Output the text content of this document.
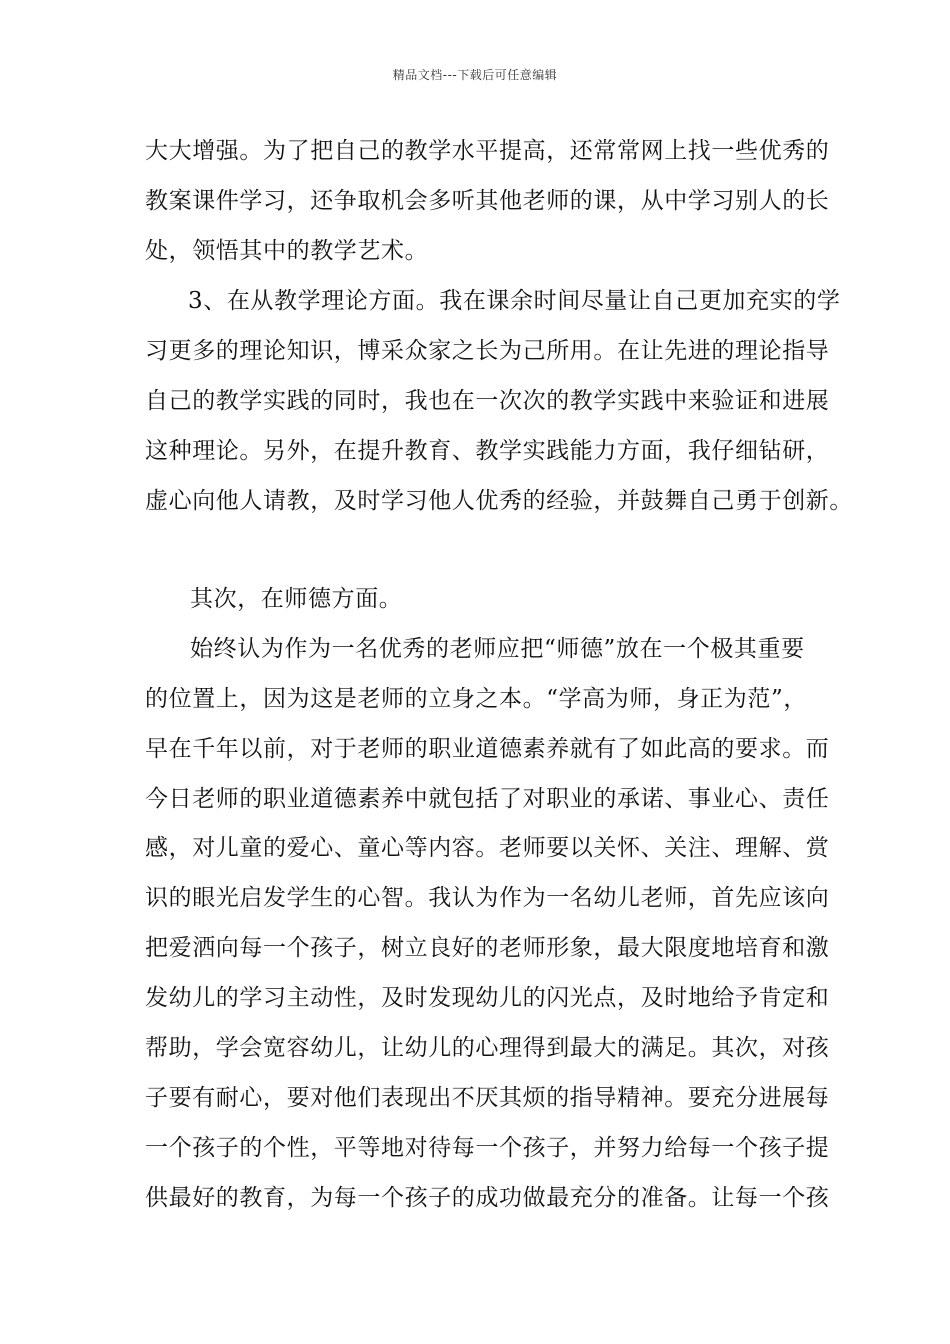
精品文档---下载后可任意编辑
大大增强。为了把自己的教学水平提高，还常常网上找一些优秀的
教案课件学习，还争取机会多听其他老师的课，从中学习别人的长
处，领悟其中的教学艺术。
3、在从教学理论方面。我在课余时间尽量让自己更加充实的学
习更多的理论知识，博采众家之长为己所用。在让先进的理论指导
自己的教学实践的同时，我也在一次次的教学实践中来验证和进展
这种理论。另外，在提升教育、教学实践能力方面，我仔细钻研，
虚心向他人请教，及时学习他人优秀的经验，并鼓舞自己勇于创新。
其次，在师德方面。
始终认为作为一名优秀的老师应把“师德”放在一个极其重要
的位置上，因为这是老师的立身之本。“学高为师，身正为范”，
早在千年以前，对于老师的职业道德素养就有了如此高的要求。而
今日老师的职业道德素养中就包括了对职业的承诺、事业心、责任
感，对儿童的爱心、童心等内容。老师要以关怀、关注、理解、赏
识的眼光启发学生的心智。我认为作为一名幼儿老师，首先应该向
把爱洒向每一个孩子，树立良好的老师形象，最大限度地培育和激
发幼儿的学习主动性，及时发现幼儿的闪光点，及时地给予肯定和
帮助，学会宽容幼儿，让幼儿的心理得到最大的满足。其次，对孩
子要有耐心，要对他们表现出不厌其烦的指导精神。要充分进展每
一个孩子的个性，平等地对待每一个孩子，并努力给每一个孩子提
供最好的教育，为每一个孩子的成功做最充分的准备。让每一个孩
